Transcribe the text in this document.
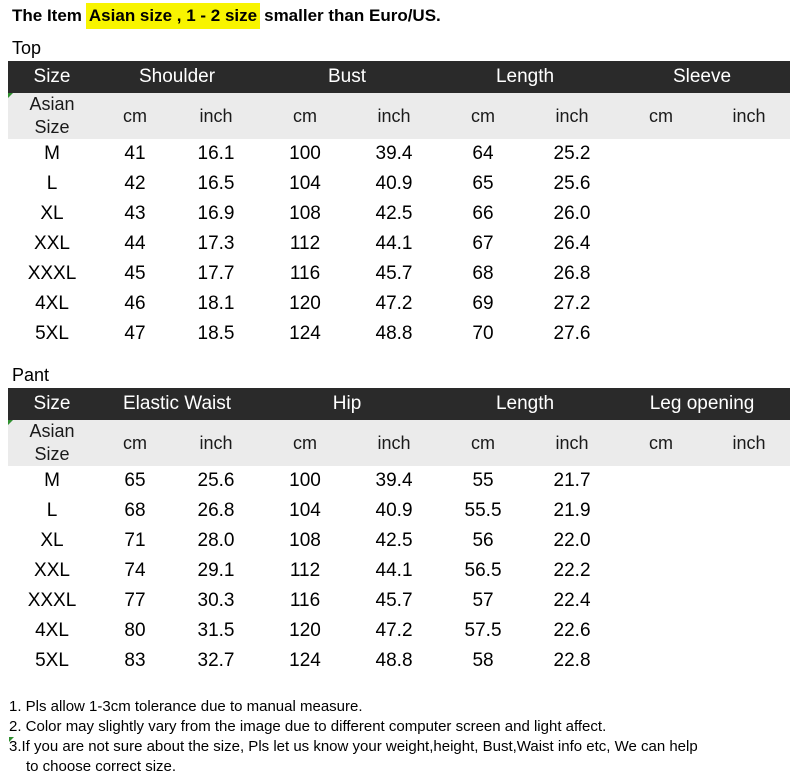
The Item Asian size , 1 - 2 size smaller than Euro/US.
Top
Size	Shoulder		Bust		Length		Sleeve	

Asian
Size	cm	inch	cm	inch	cm	inch	cm	inch
M	41	16.1	100	39.4	64	25.2		
L	42	16.5	104	40.9	65	25.6		
XL	43	16.9	108	42.5	66	26.0		
XXL	44	17.3	112	44.1	67	26.4		
XXXL	45	17.7	116	45.7	68	26.8		
4XL	46	18.1	120	47.2	69	27.2		
5XL	47	18.5	124	48.8	70	27.6		
Pant
Size	Elastic Waist		Hip		Length		Leg opening	

Asian
Size	cm	inch	cm	inch	cm	inch	cm	inch
M	65	25.6	100	39.4	55	21.7		
L	68	26.8	104	40.9	55.5	21.9		
XL	71	28.0	108	42.5	56	22.0		
XXL	74	29.1	112	44.1	56.5	22.2		
XXXL	77	30.3	116	45.7	57	22.4		
4XL	80	31.5	120	47.2	57.5	22.6		
5XL	83	32.7	124	48.8	58	22.8		
1. Pls allow 1-3cm tolerance due to manual measure.
2. Color may slightly vary from the image due to different computer screen and light affect.
3.If you are not sure about the size, Pls let us know your weight,height, Bust,Waist info etc, We can help
to choose correct size.
